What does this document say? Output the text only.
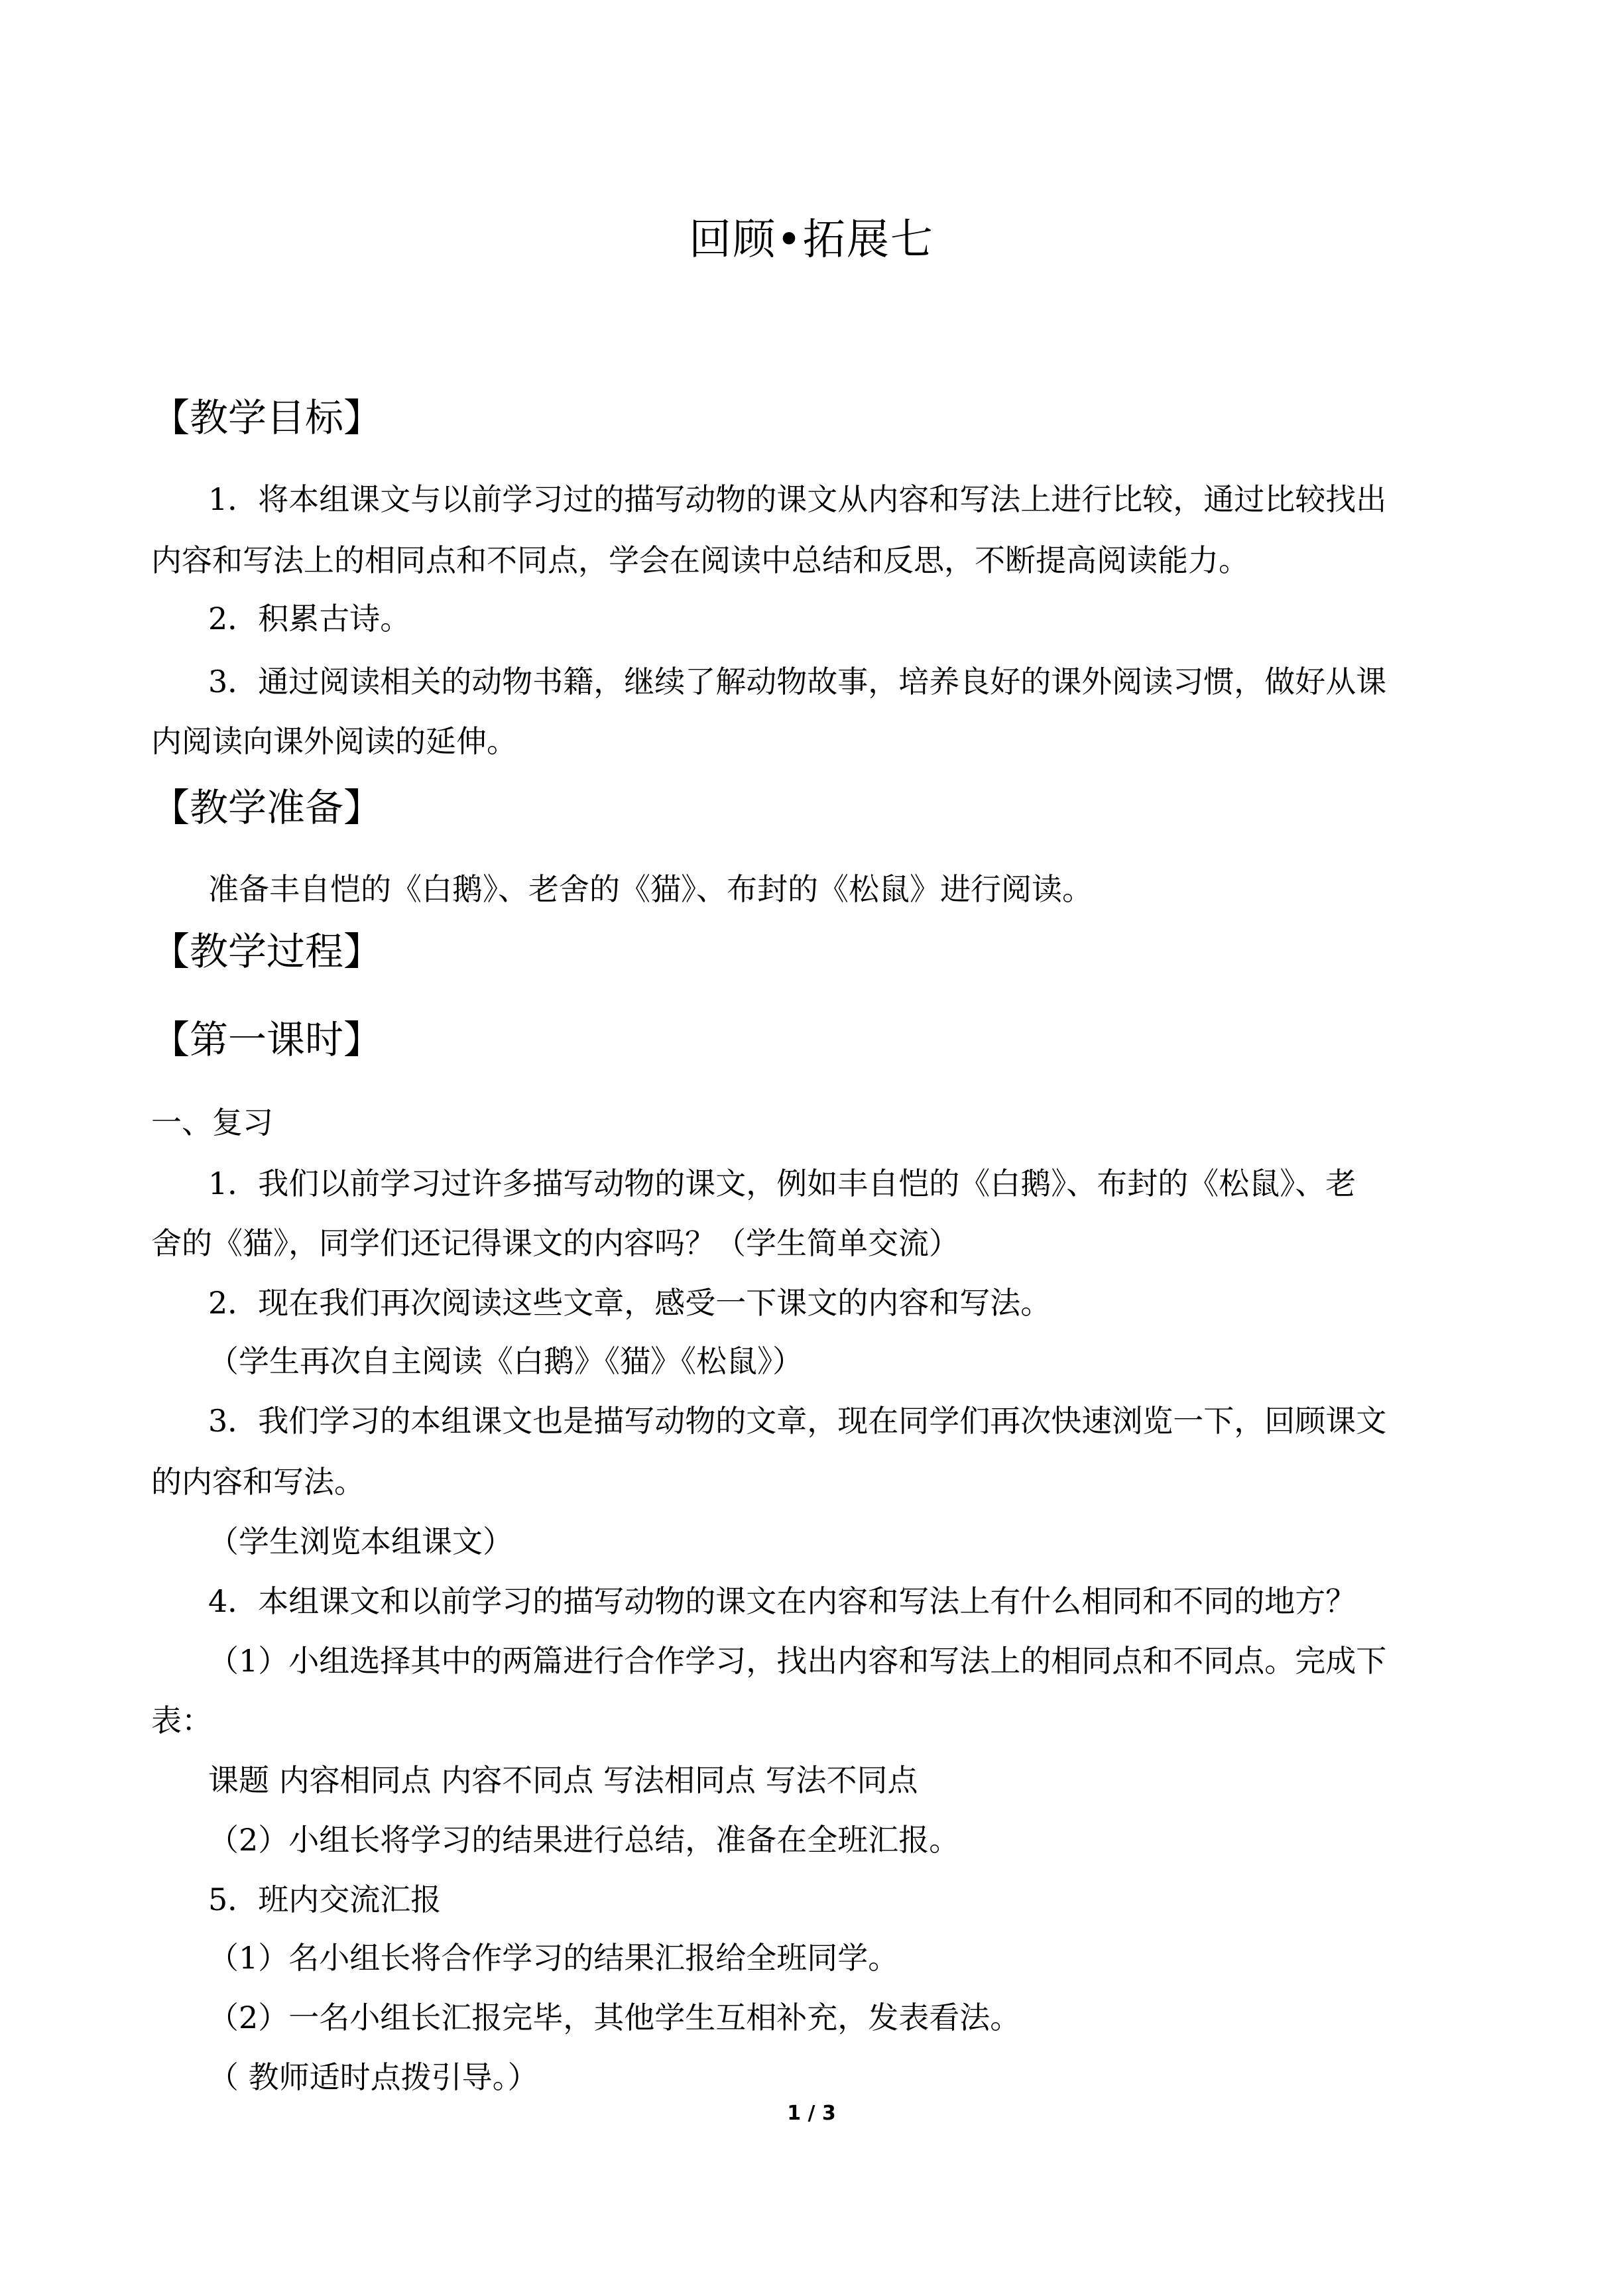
回顾•拓展七
【教学目标】
1．将本组课文与以前学习过的描写动物的课文从内容和写法上进行比较，通过比较找出
内容和写法上的相同点和不同点，学会在阅读中总结和反思，不断提高阅读能力。
2．积累古诗。
3．通过阅读相关的动物书籍，继续了解动物故事，培养良好的课外阅读习惯，做好从课
内阅读向课外阅读的延伸。
【教学准备】
准备丰自恺的《白鹅》、老舍的《猫》、布封的《松鼠》进行阅读。
【教学过程】
【第一课时】
一、复习
1．我们以前学习过许多描写动物的课文，例如丰自恺的《白鹅》、布封的《松鼠》、老
舍的《猫》，同学们还记得课文的内容吗？（学生简单交流）
2．现在我们再次阅读这些文章，感受一下课文的内容和写法。
（学生再次自主阅读《白鹅》《猫》《松鼠》）
3．我们学习的本组课文也是描写动物的文章，现在同学们再次快速浏览一下，回顾课文
的内容和写法。
（学生浏览本组课文）
4．本组课文和以前学习的描写动物的课文在内容和写法上有什么相同和不同的地方？
（1）小组选择其中的两篇进行合作学习，找出内容和写法上的相同点和不同点。完成下
表：
课题 内容相同点 内容不同点 写法相同点 写法不同点
（2）小组长将学习的结果进行总结，准备在全班汇报。
5．班内交流汇报
（1）名小组长将合作学习的结果汇报给全班同学。
（2）一名小组长汇报完毕，其他学生互相补充，发表看法。
（ 教师适时点拨引导。）
1 / 3
